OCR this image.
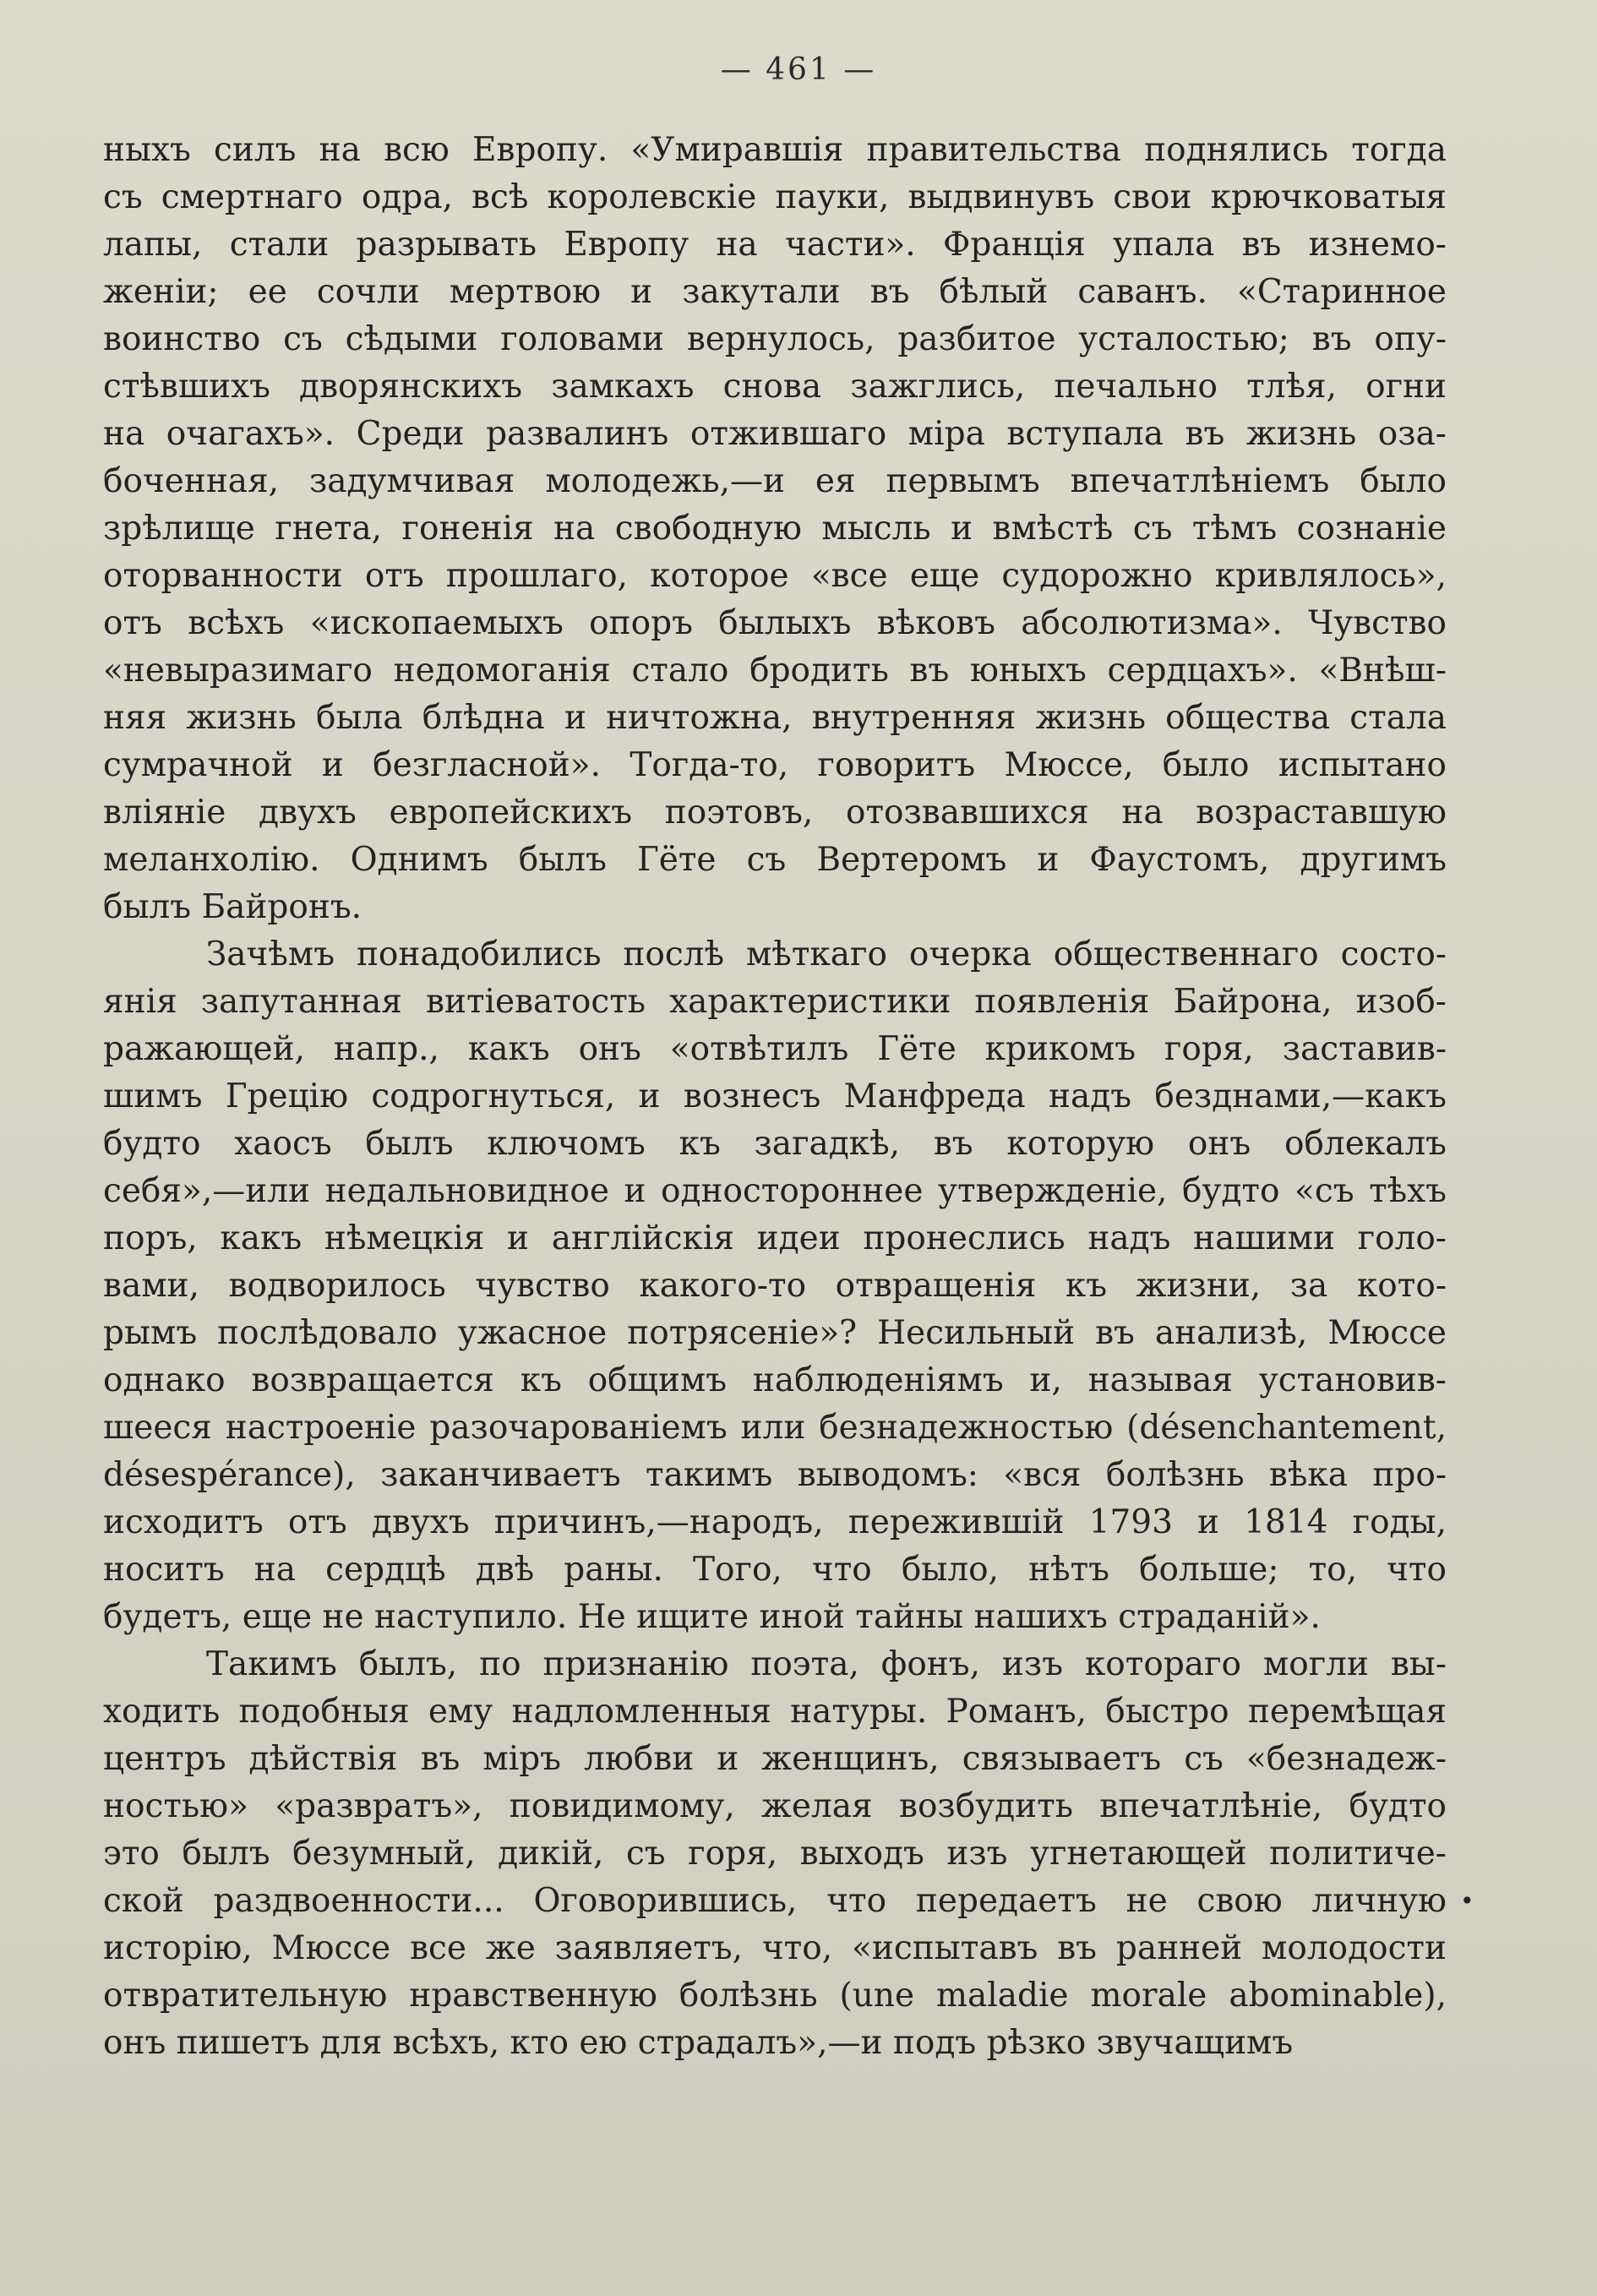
— 461 —
ныхъ силъ на всю Европу. «Умиравшія правительства поднялись тогда
съ смертнаго одра, всѣ королевскіе пауки, выдвинувъ свои крючковатыя
лапы, стали разрывать Европу на части». Франція упала въ изнемо-
женіи; ее сочли мертвою и закутали въ бѣлый саванъ. «Старинное
воинство съ сѣдыми головами вернулось, разбитое усталостью; въ опу-
стѣвшихъ дворянскихъ замкахъ снова зажглись, печально тлѣя, огни
на очагахъ». Среди развалинъ отжившаго міра вступала въ жизнь оза-
боченная, задумчивая молодежь,—и ея первымъ впечатлѣніемъ было
зрѣлище гнета, гоненія на свободную мысль и вмѣстѣ съ тѣмъ сознаніе
оторванности отъ прошлаго, которое «все еще судорожно кривлялось»,
отъ всѣхъ «ископаемыхъ опоръ былыхъ вѣковъ абсолютизма». Чувство
«невыразимаго недомоганія стало бродить въ юныхъ сердцахъ». «Внѣш-
няя жизнь была блѣдна и ничтожна, внутренняя жизнь общества стала
сумрачной и безгласной». Тогда-то, говоритъ Мюссе, было испытано
вліяніе двухъ европейскихъ поэтовъ, отозвавшихся на возраставшую
меланхолію. Однимъ былъ Гёте съ Вертеромъ и Фаустомъ, другимъ
былъ Байронъ.
Зачѣмъ понадобились послѣ мѣткаго очерка общественнаго состо-
янія запутанная витіеватость характеристики появленія Байрона, изоб-
ражающей, напр., какъ онъ «отвѣтилъ Гёте крикомъ горя, заставив-
шимъ Грецію содрогнуться, и вознесъ Манфреда надъ безднами,—какъ
будто хаосъ былъ ключомъ къ загадкѣ, въ которую онъ облекалъ
себя»,—или недальновидное и одностороннее утвержденіе, будто «съ тѣхъ
поръ, какъ нѣмецкія и англійскія идеи пронеслись надъ нашими голо-
вами, водворилось чувство какого-то отвращенія къ жизни, за кото-
рымъ послѣдовало ужасное потрясеніе»? Несильный въ анализѣ, Мюссе
однако возвращается къ общимъ наблюденіямъ и, называя установив-
шееся настроеніе разочарованіемъ или безнадежностью (désenchantement,
désespérance), заканчиваетъ такимъ выводомъ: «вся болѣзнь вѣка про-
исходитъ отъ двухъ причинъ,—народъ, пережившій 1793 и 1814 годы,
носитъ на сердцѣ двѣ раны. Того, что было, нѣтъ больше; то, что
будетъ, еще не наступило. Не ищите иной тайны нашихъ страданій».
Такимъ былъ, по признанію поэта, фонъ, изъ котораго могли вы-
ходить подобныя ему надломленныя натуры. Романъ, быстро перемѣщая
центръ дѣйствія въ міръ любви и женщинъ, связываетъ съ «безнадеж-
ностью» «развратъ», повидимому, желая возбудить впечатлѣніе, будто
это былъ безумный, дикій, съ горя, выходъ изъ угнетающей политиче-
ской раздвоенности... Оговорившись, что передаетъ не свою личную
исторію, Мюссе все же заявляетъ, что, «испытавъ въ ранней молодости
отвратительную нравственную болѣзнь (une maladie morale abominable),
онъ пишетъ для всѣхъ, кто ею страдалъ»,—и подъ рѣзко звучащимъ
•
